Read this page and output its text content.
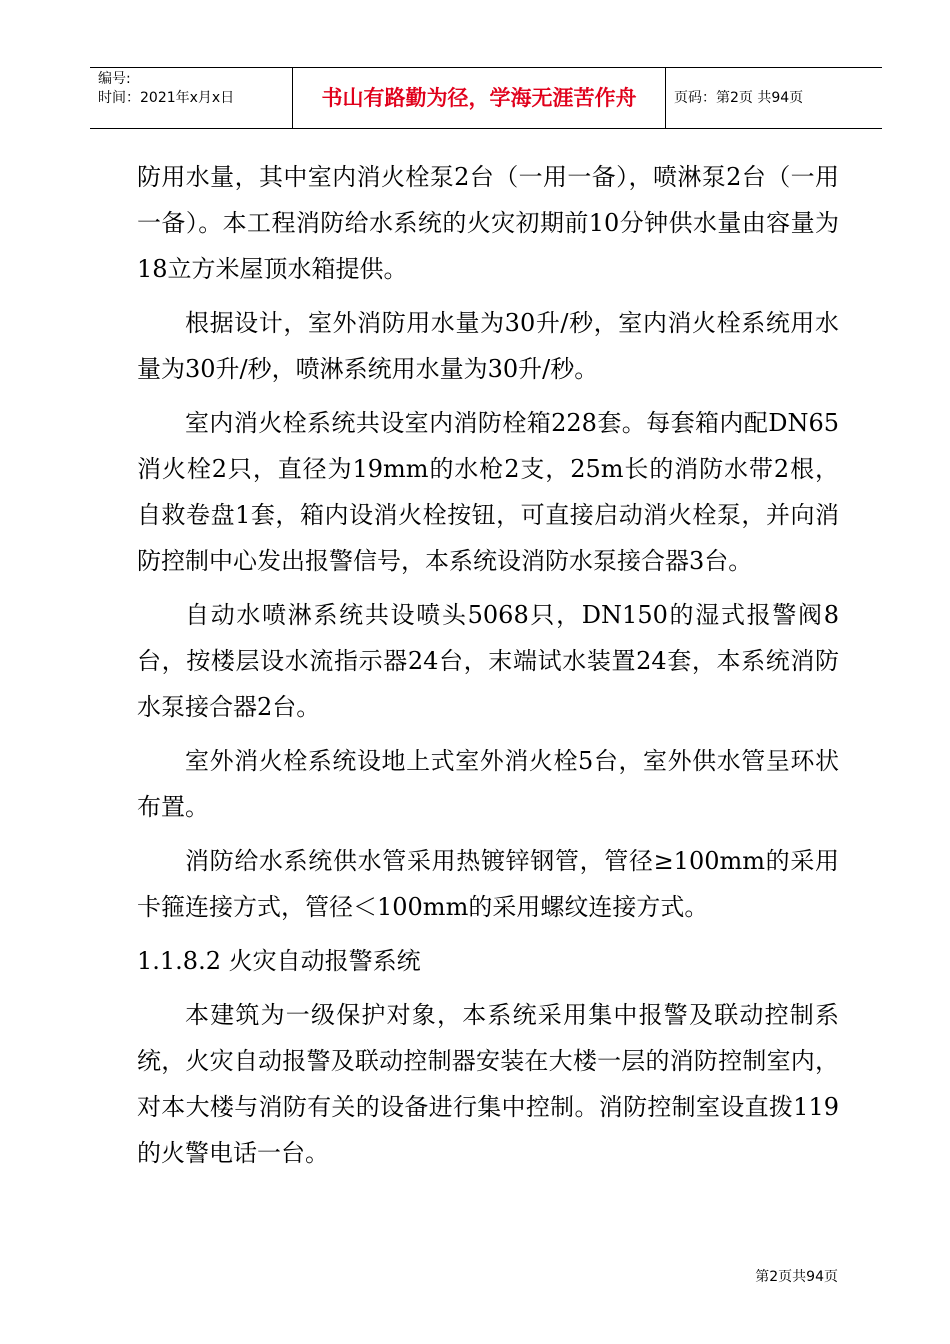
编号:
时间：2021年x月x日	书山有路勤为径，学海无涯苦作舟	页码：第2页 共94页

防用水量，其中室内消火栓泵2台（一用一备），喷淋泵2台（一用一备）。本工程消防给水系统的火灾初期前10分钟供水量由容量为18立方米屋顶水箱提供。

根据设计，室外消防用水量为30升/秒，室内消火栓系统用水量为30升/秒，喷淋系统用水量为30升/秒。

室内消火栓系统共设室内消防栓箱228套。每套箱内配DN65消火栓2只，直径为19mm的水枪2支，25m长的消防水带2根，自救卷盘1套，箱内设消火栓按钮，可直接启动消火栓泵，并向消防控制中心发出报警信号，本系统设消防水泵接合器3台。

自动水喷淋系统共设喷头5068只，DN150的湿式报警阀8台，按楼层设水流指示器24台，末端试水装置24套，本系统消防水泵接合器2台。

室外消火栓系统设地上式室外消火栓5台，室外供水管呈环状布置。

消防给水系统供水管采用热镀锌钢管，管径≥100mm的采用卡箍连接方式，管径＜100mm的采用螺纹连接方式。

1.1.8.2 火灾自动报警系统

本建筑为一级保护对象，本系统采用集中报警及联动控制系统，火灾自动报警及联动控制器安装在大楼一层的消防控制室内，对本大楼与消防有关的设备进行集中控制。消防控制室设直拨119的火警电话一台。

第2页共94页
